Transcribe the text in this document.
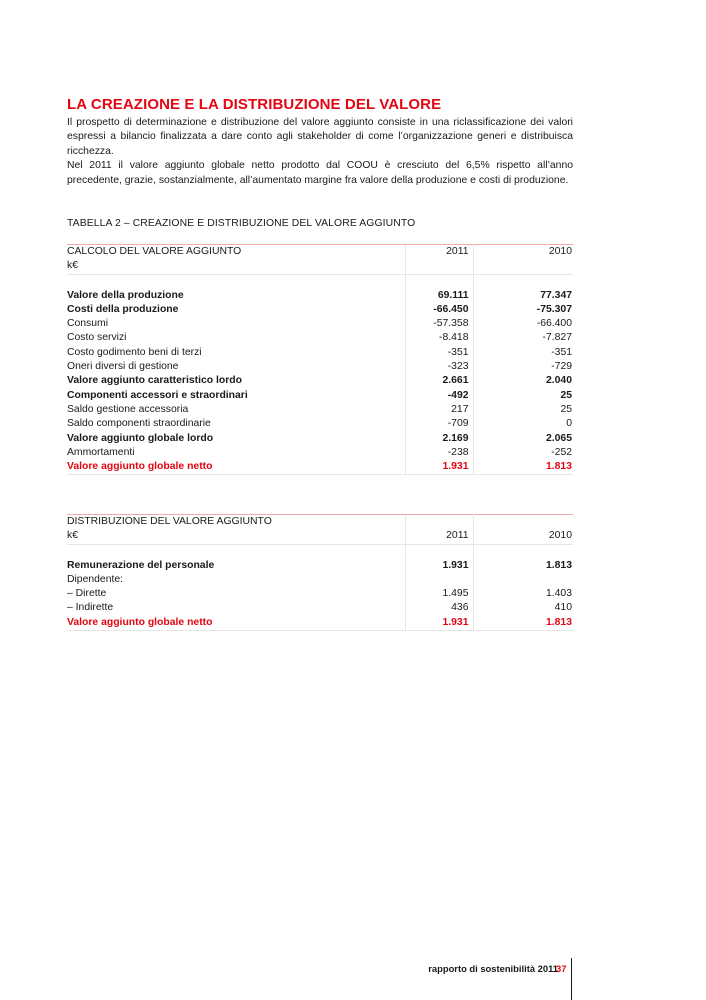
LA CREAZIONE E LA DISTRIBUZIONE DEL VALORE

Il prospetto di determinazione e distribuzione del valore aggiunto consiste in una riclassificazione dei valori espressi a bilancio finalizzata a dare conto agli stakeholder di come l’organizzazione generi e distribuisca ricchezza.

Nel 2011 il valore aggiunto globale netto prodotto dal COOU è cresciuto del 6,5% rispetto all’anno precedente, grazie, sostanzialmente, all’aumentato margine fra valore della produzione e costi di produzione.

TABELLA 2 – CREAZIONE E DISTRIBUZIONE DEL VALORE AGGIUNTO
CALCOLO DEL VALORE AGGIUNTO	2011	2010
k€		

Valore della produzione	69.111	77.347
Costi della produzione	-66.450	-75.307
Consumi	-57.358	-66.400
Costo servizi	-8.418	-7.827
Costo godimento beni di terzi	-351	-351
Oneri diversi di gestione	-323	-729
Valore aggiunto caratteristico lordo	2.661	2.040
Componenti accessori e straordinari	-492	25
Saldo gestione accessoria	217	25
Saldo componenti straordinarie	-709	0
Valore aggiunto globale lordo	2.169	2.065
Ammortamenti	-238	-252
Valore aggiunto globale netto	1.931	1.813
DISTRIBUZIONE DEL VALORE AGGIUNTO		
k€	2011	2010

Remunerazione del personale	1.931	1.813
Dipendente:		
– Dirette	1.495	1.403
– Indirette	436	410
Valore aggiunto globale netto	1.931	1.813
rapporto di sostenibilità 2011
37
